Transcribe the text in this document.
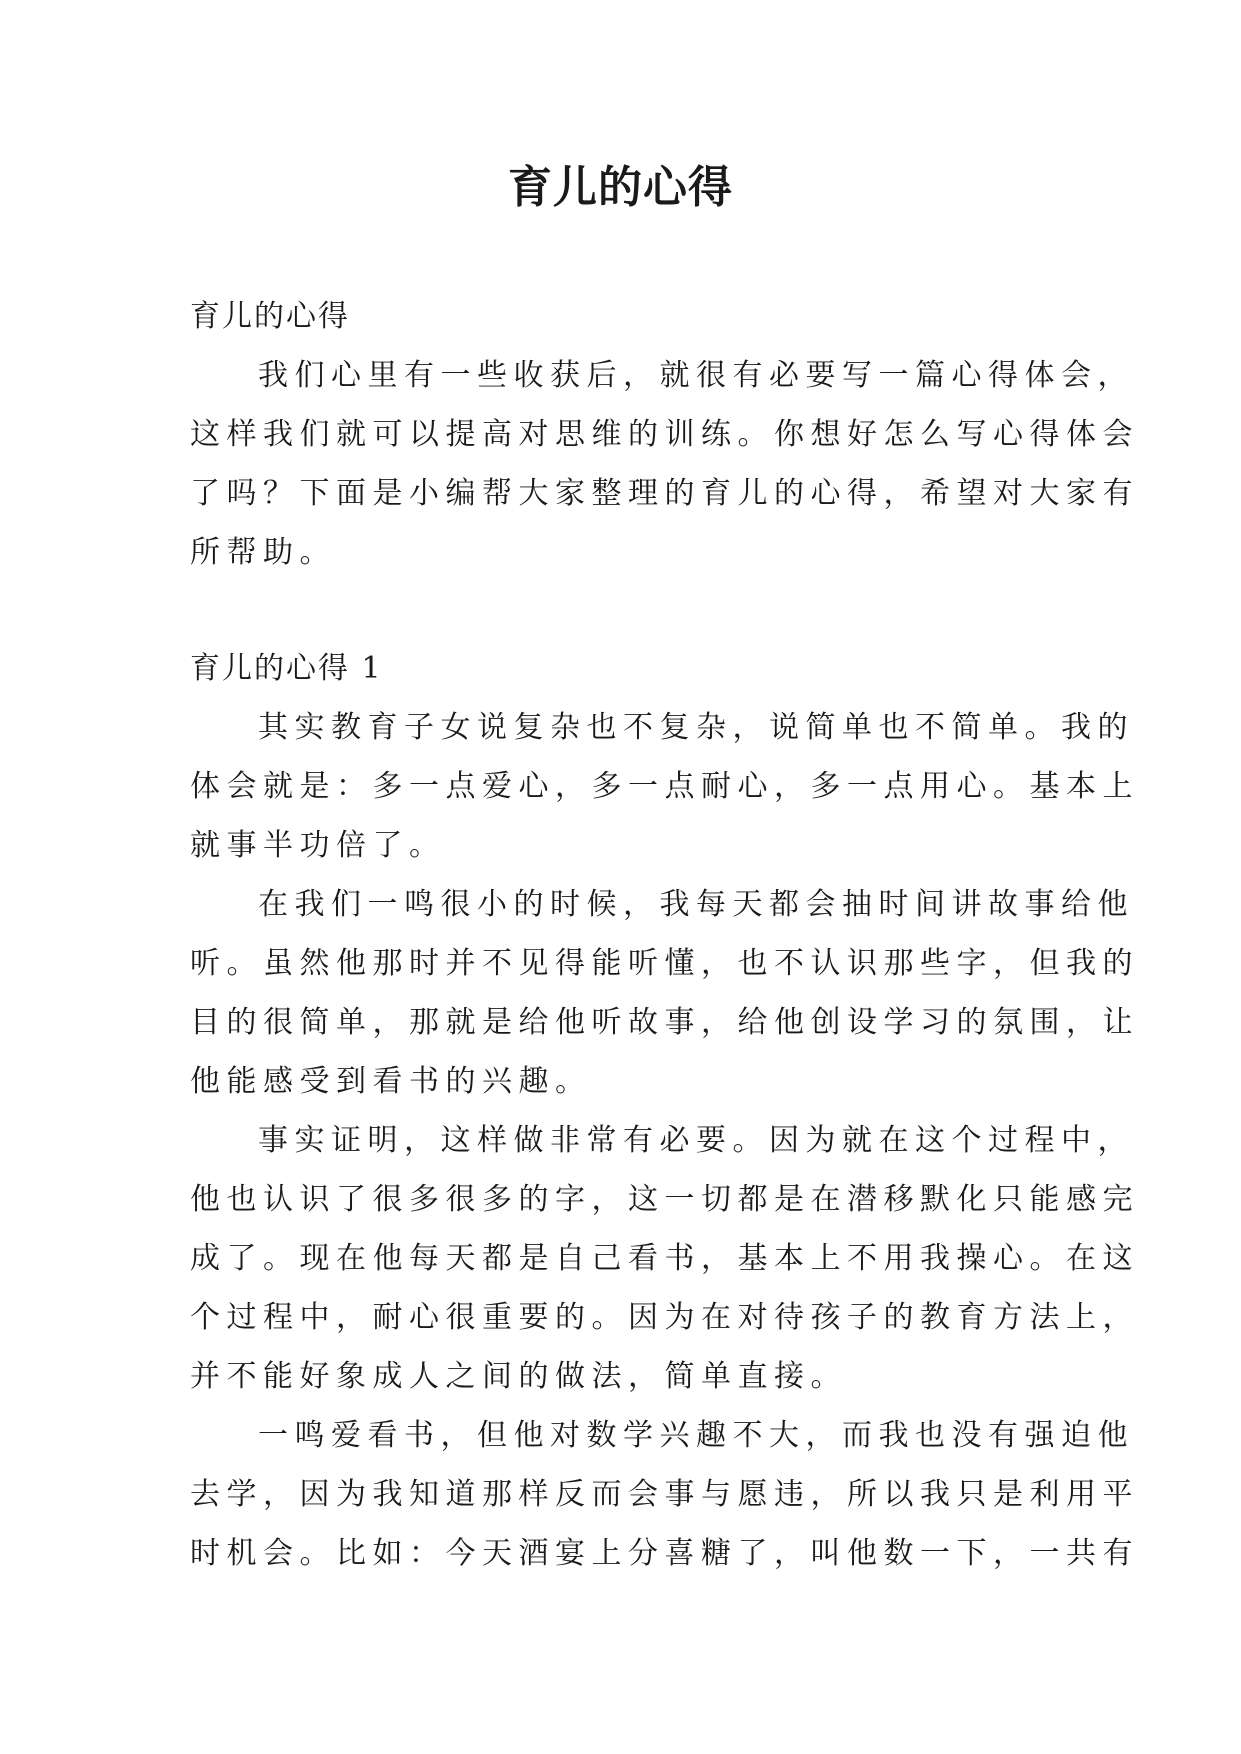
育儿的心得
育儿的心得
我们心里有一些收获后，就很有必要写一篇心得体会，
这样我们就可以提高对思维的训练。你想好怎么写心得体会
了吗？下面是小编帮大家整理的育儿的心得，希望对大家有
所帮助。
育儿的心得 1
其实教育子女说复杂也不复杂，说简单也不简单。我的
体会就是：多一点爱心，多一点耐心，多一点用心。基本上
就事半功倍了。
在我们一鸣很小的时候，我每天都会抽时间讲故事给他
听。虽然他那时并不见得能听懂，也不认识那些字，但我的
目的很简单，那就是给他听故事，给他创设学习的氛围，让
他能感受到看书的兴趣。
事实证明，这样做非常有必要。因为就在这个过程中，
他也认识了很多很多的字，这一切都是在潜移默化只能感完
成了。现在他每天都是自己看书，基本上不用我操心。在这
个过程中，耐心很重要的。因为在对待孩子的教育方法上，
并不能好象成人之间的做法，简单直接。
一鸣爱看书，但他对数学兴趣不大，而我也没有强迫他
去学，因为我知道那样反而会事与愿违，所以我只是利用平
时机会。比如：今天酒宴上分喜糖了，叫他数一下，一共有
